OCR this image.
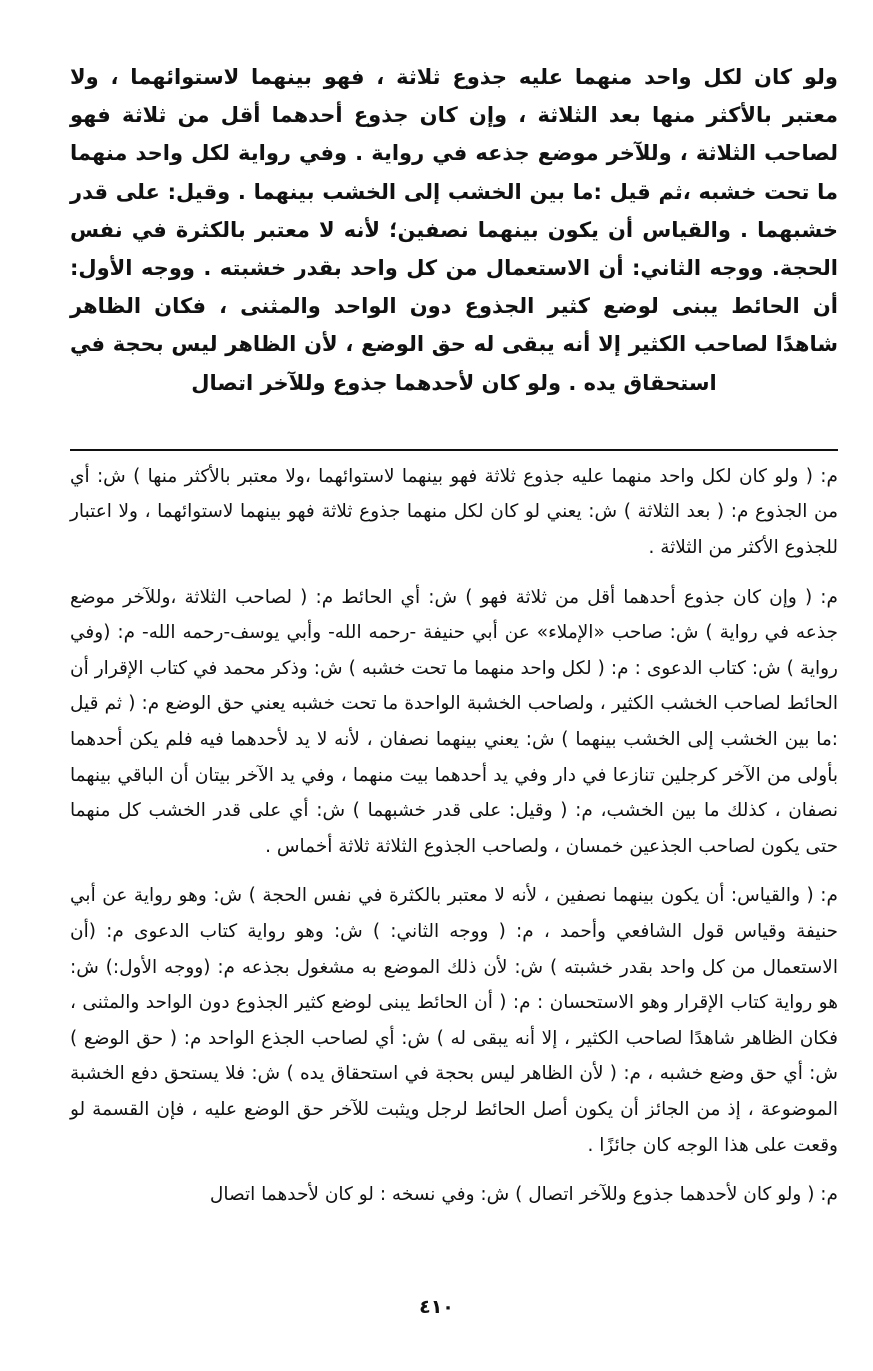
ولو كان لكل واحد منهما عليه جذوع ثلاثة ، فهو بينهما لاستوائهما ، ولا معتبر بالأكثر منها بعد الثلاثة ، وإن كان جذوع أحدهما أقل من ثلاثة فهو لصاحب الثلاثة ، وللآخر موضع جذعه في رواية . وفي رواية لكل واحد منهما ما تحت خشبه ،ثم قيل :ما بين الخشب إلى الخشب بينهما . وقيل: على قدر خشبهما . والقياس أن يكون بينهما نصفين؛ لأنه لا معتبر بالكثرة في نفس الحجة. ووجه الثاني: أن الاستعمال من كل واحد بقدر خشبته . ووجه الأول: أن الحائط يبنى لوضع كثير الجذوع دون الواحد والمثنى ، فكان الظاهر شاهدًا لصاحب الكثير إلا أنه يبقى له حق الوضع ، لأن الظاهر ليس بحجة في استحقاق يده . ولو كان لأحدهما جذوع وللآخر اتصال

م: ( ولو كان لكل واحد منهما عليه جذوع ثلاثة فهو بينهما لاستوائهما ،ولا معتبر بالأكثر منها ) ش: أي من الجذوع م: ( بعد الثلاثة ) ش: يعني لو كان لكل منهما جذوع ثلاثة فهو بينهما لاستوائهما ، ولا اعتبار للجذوع الأكثر من الثلاثة .

م: ( وإن كان جذوع أحدهما أقل من ثلاثة فهو ) ش: أي الحائط م: ( لصاحب الثلاثة ،وللآخر موضع جذعه في رواية ) ش: صاحب «الإملاء» عن أبي حنيفة -رحمه الله- وأبي يوسف-رحمه الله- م: (وفي رواية ) ش: كتاب الدعوى : م: ( لكل واحد منهما ما تحت خشبه ) ش: وذكر محمد في كتاب الإقرار أن الحائط لصاحب الخشب الكثير ، ولصاحب الخشبة الواحدة ما تحت خشبه يعني حق الوضع م: ( ثم قيل :ما بين الخشب إلى الخشب بينهما ) ش: يعني بينهما نصفان ، لأنه لا يد لأحدهما فيه فلم يكن أحدهما بأولى من الآخر كرجلين تنازعا في دار وفي يد أحدهما بيت منهما ، وفي يد الآخر بيتان أن الباقي بينهما نصفان ، كذلك ما بين الخشب، م: ( وقيل: على قدر خشبهما ) ش: أي على قدر الخشب كل منهما حتى يكون لصاحب الجذعين خمسان ، ولصاحب الجذوع الثلاثة ثلاثة أخماس .

م: ( والقياس: أن يكون بينهما نصفين ، لأنه لا معتبر بالكثرة في نفس الحجة ) ش: وهو رواية عن أبي حنيفة وقياس قول الشافعي وأحمد ، م: ( ووجه الثاني: ) ش: وهو رواية كتاب الدعوى م: (أن الاستعمال من كل واحد بقدر خشبته ) ش: لأن ذلك الموضع به مشغول بجذعه م: (ووجه الأول:) ش: هو رواية كتاب الإقرار وهو الاستحسان : م: ( أن الحائط يبنى لوضع كثير الجذوع دون الواحد والمثنى ، فكان الظاهر شاهدًا لصاحب الكثير ، إلا أنه يبقى له ) ش: أي لصاحب الجذع الواحد م: ( حق الوضع ) ش: أي حق وضع خشبه ، م: ( لأن الظاهر ليس بحجة في استحقاق يده ) ش: فلا يستحق دفع الخشبة الموضوعة ، إذ من الجائز أن يكون أصل الحائط لرجل ويثبت للآخر حق الوضع عليه ، فإن القسمة لو وقعت على هذا الوجه كان جائزًا .

م: ( ولو كان لأحدهما جذوع وللآخر اتصال ) ش: وفي نسخه : لو كان لأحدهما اتصال

٤١٠
